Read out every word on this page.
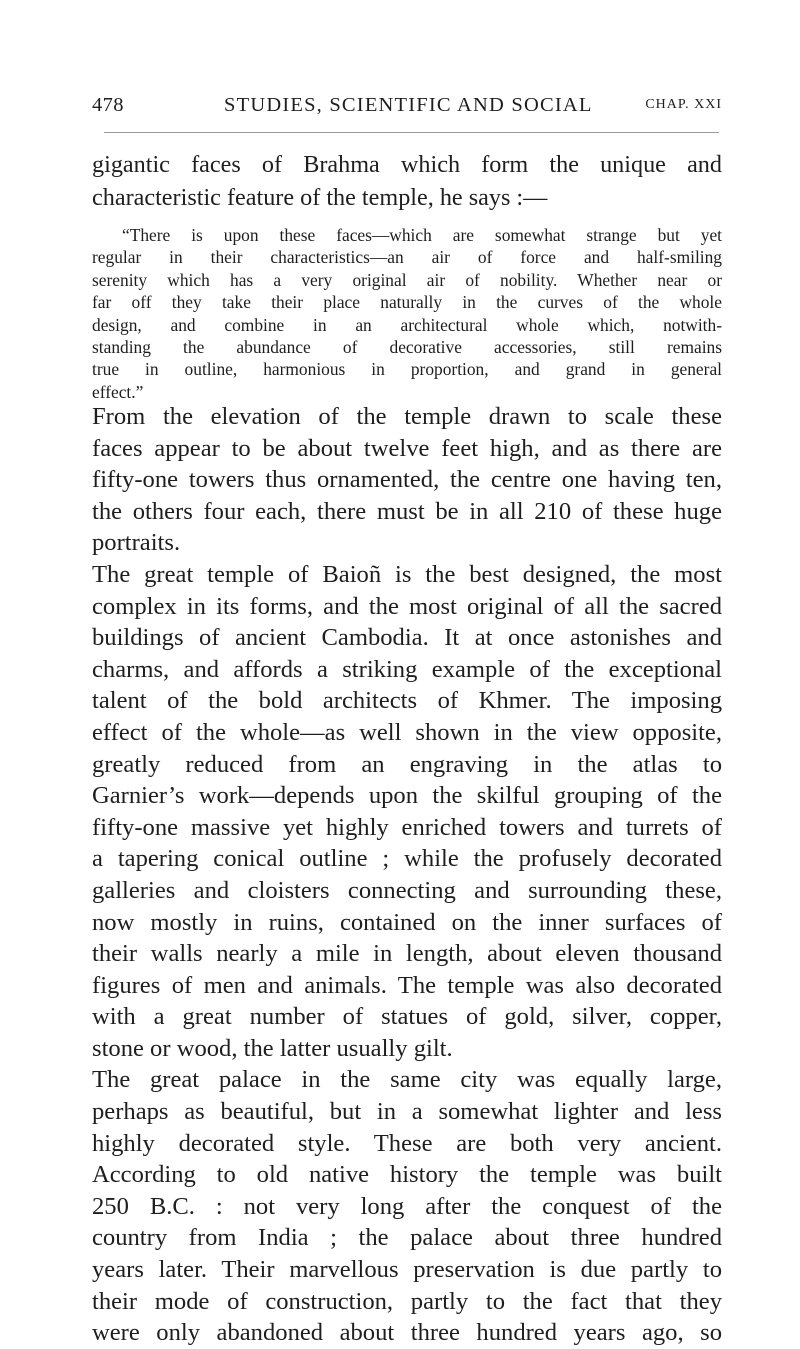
478	STUDIES, SCIENTIFIC AND SOCIAL	CHAP. XXI
gigantic faces of Brahma which form the unique and
characteristic feature of the temple, he says :—
“There is upon these faces—which are somewhat strange but yet
regular in their characteristics—an air of force and half-smiling
serenity which has a very original air of nobility. Whether near or
far off they take their place naturally in the curves of the whole
design, and combine in an architectural whole which, notwith-
standing the abundance of decorative accessories, still remains
true in outline, harmonious in proportion, and grand in general
effect.”
From the elevation of the temple drawn to scale these
faces appear to be about twelve feet high, and as there are
fifty-one towers thus ornamented, the centre one having ten,
the others four each, there must be in all 210 of these huge
portraits.
The great temple of Baioñ is the best designed, the most
complex in its forms, and the most original of all the sacred
buildings of ancient Cambodia. It at once astonishes and
charms, and affords a striking example of the exceptional
talent of the bold architects of Khmer. The imposing
effect of the whole—as well shown in the view opposite,
greatly reduced from an engraving in the atlas to
Garnier’s work—depends upon the skilful grouping of the
fifty-one massive yet highly enriched towers and turrets of
a tapering conical outline ; while the profusely decorated
galleries and cloisters connecting and surrounding these,
now mostly in ruins, contained on the inner surfaces of
their walls nearly a mile in length, about eleven thousand
figures of men and animals. The temple was also decorated
with a great number of statues of gold, silver, copper,
stone or wood, the latter usually gilt.
The great palace in the same city was equally large,
perhaps as beautiful, but in a somewhat lighter and less
highly decorated style. These are both very ancient.
According to old native history the temple was built
250 B.C. : not very long after the conquest of the
country from India ; the palace about three hundred
years later. Their marvellous preservation is due partly to
their mode of construction, partly to the fact that they
were only abandoned about three hundred years ago, so
